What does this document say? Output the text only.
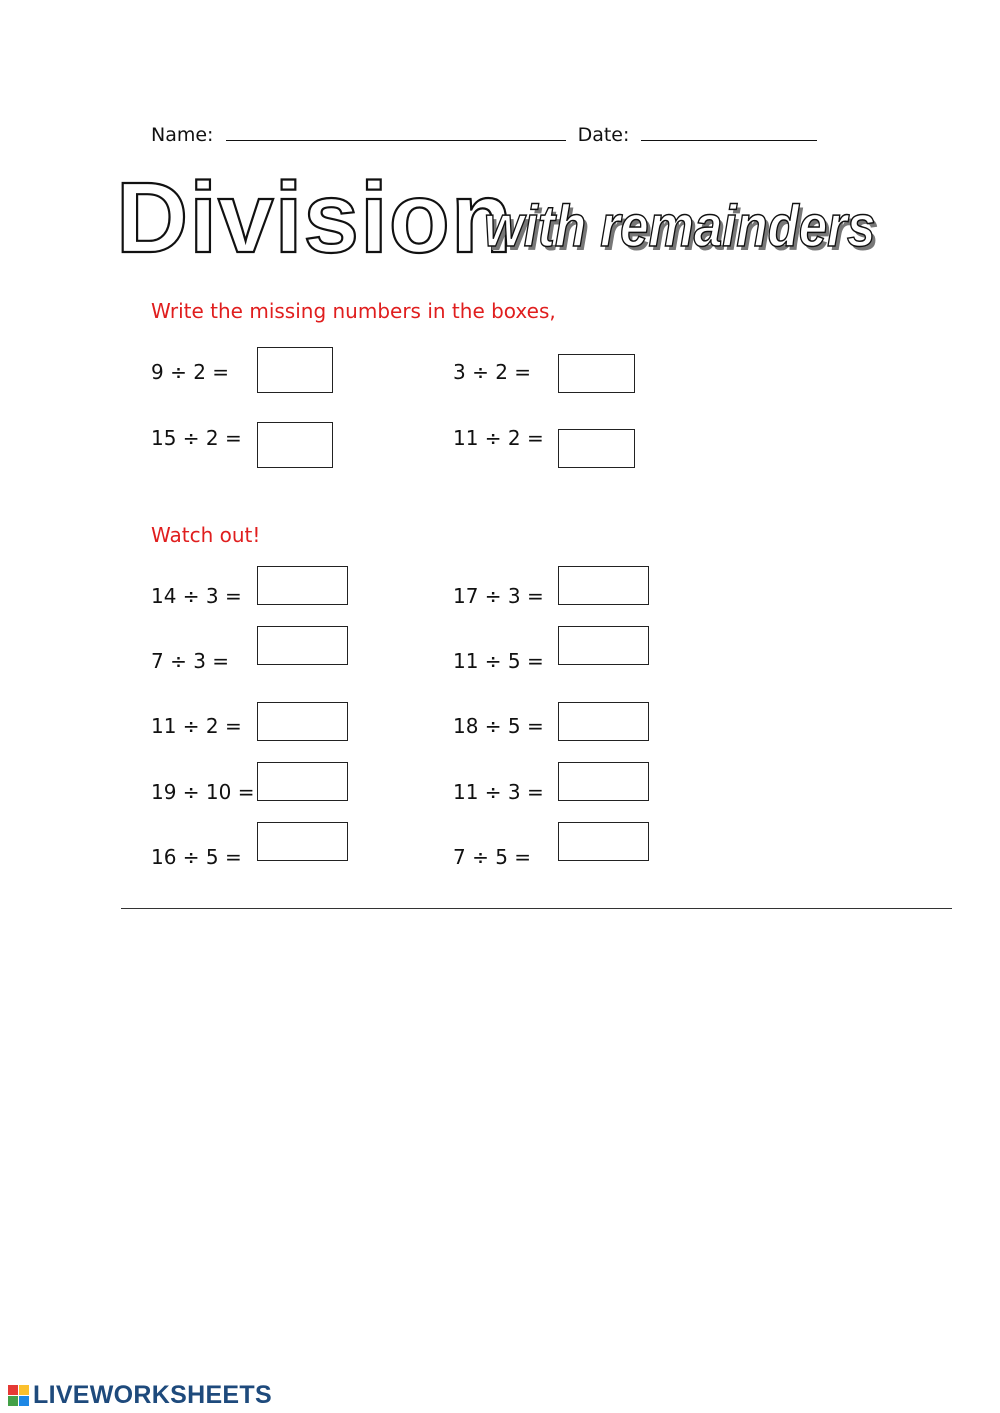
Name:	Date:
Division
with remainders
Write the missing numbers in the boxes,
9 ÷ 2 =	3 ÷ 2 =
15 ÷ 2 =	11 ÷ 2 =
Watch out!
14 ÷ 3 =	17 ÷ 3 =
7 ÷ 3 =	11 ÷ 5 =
11 ÷ 2 =	18 ÷ 5 =
19 ÷ 10 =	11 ÷ 3 =
16 ÷ 5 =	7 ÷ 5 =
LIVEWORKSHEETS
